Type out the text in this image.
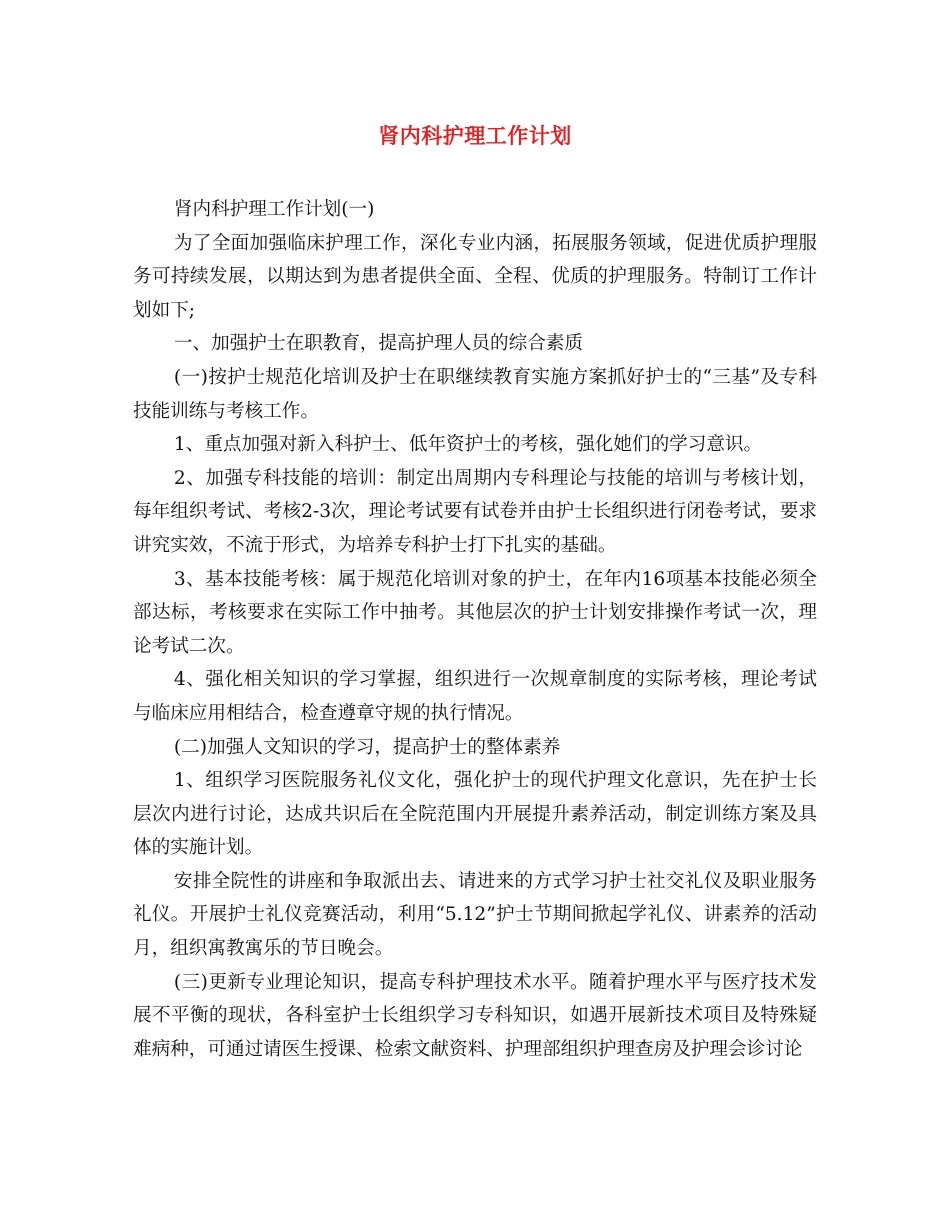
肾内科护理工作计划

肾内科护理工作计划(一)

为了全面加强临床护理工作，深化专业内涵，拓展服务领域，促进优质护理服务可持续发展，以期达到为患者提供全面、全程、优质的护理服务。特制订工作计划如下;

一、加强护士在职教育，提高护理人员的综合素质

(一)按护士规范化培训及护士在职继续教育实施方案抓好护士的“三基”及专科技能训练与考核工作。

1、重点加强对新入科护士、低年资护士的考核，强化她们的学习意识。

2、加强专科技能的培训：制定出周期内专科理论与技能的培训与考核计划，每年组织考试、考核2-3次，理论考试要有试卷并由护士长组织进行闭卷考试，要求讲究实效，不流于形式，为培养专科护士打下扎实的基础。

3、基本技能考核：属于规范化培训对象的护士，在年内16项基本技能必须全部达标，考核要求在实际工作中抽考。其他层次的护士计划安排操作考试一次，理论考试二次。

4、强化相关知识的学习掌握，组织进行一次规章制度的实际考核，理论考试与临床应用相结合，检查遵章守规的执行情况。

(二)加强人文知识的学习，提高护士的整体素养

1、组织学习医院服务礼仪文化，强化护士的现代护理文化意识，先在护士长层次内进行讨论，达成共识后在全院范围内开展提升素养活动，制定训练方案及具体的实施计划。

安排全院性的讲座和争取派出去、请进来的方式学习护士社交礼仪及职业服务礼仪。开展护士礼仪竞赛活动，利用“5.12”护士节期间掀起学礼仪、讲素养的活动月，组织寓教寓乐的节日晚会。

(三)更新专业理论知识，提高专科护理技术水平。随着护理水平与医疗技术发展不平衡的现状，各科室护士长组织学习专科知识，如遇开展新技术项目及特殊疑难病种，可通过请医生授课、检索文献资料、护理部组织护理查房及护理会诊讨论
